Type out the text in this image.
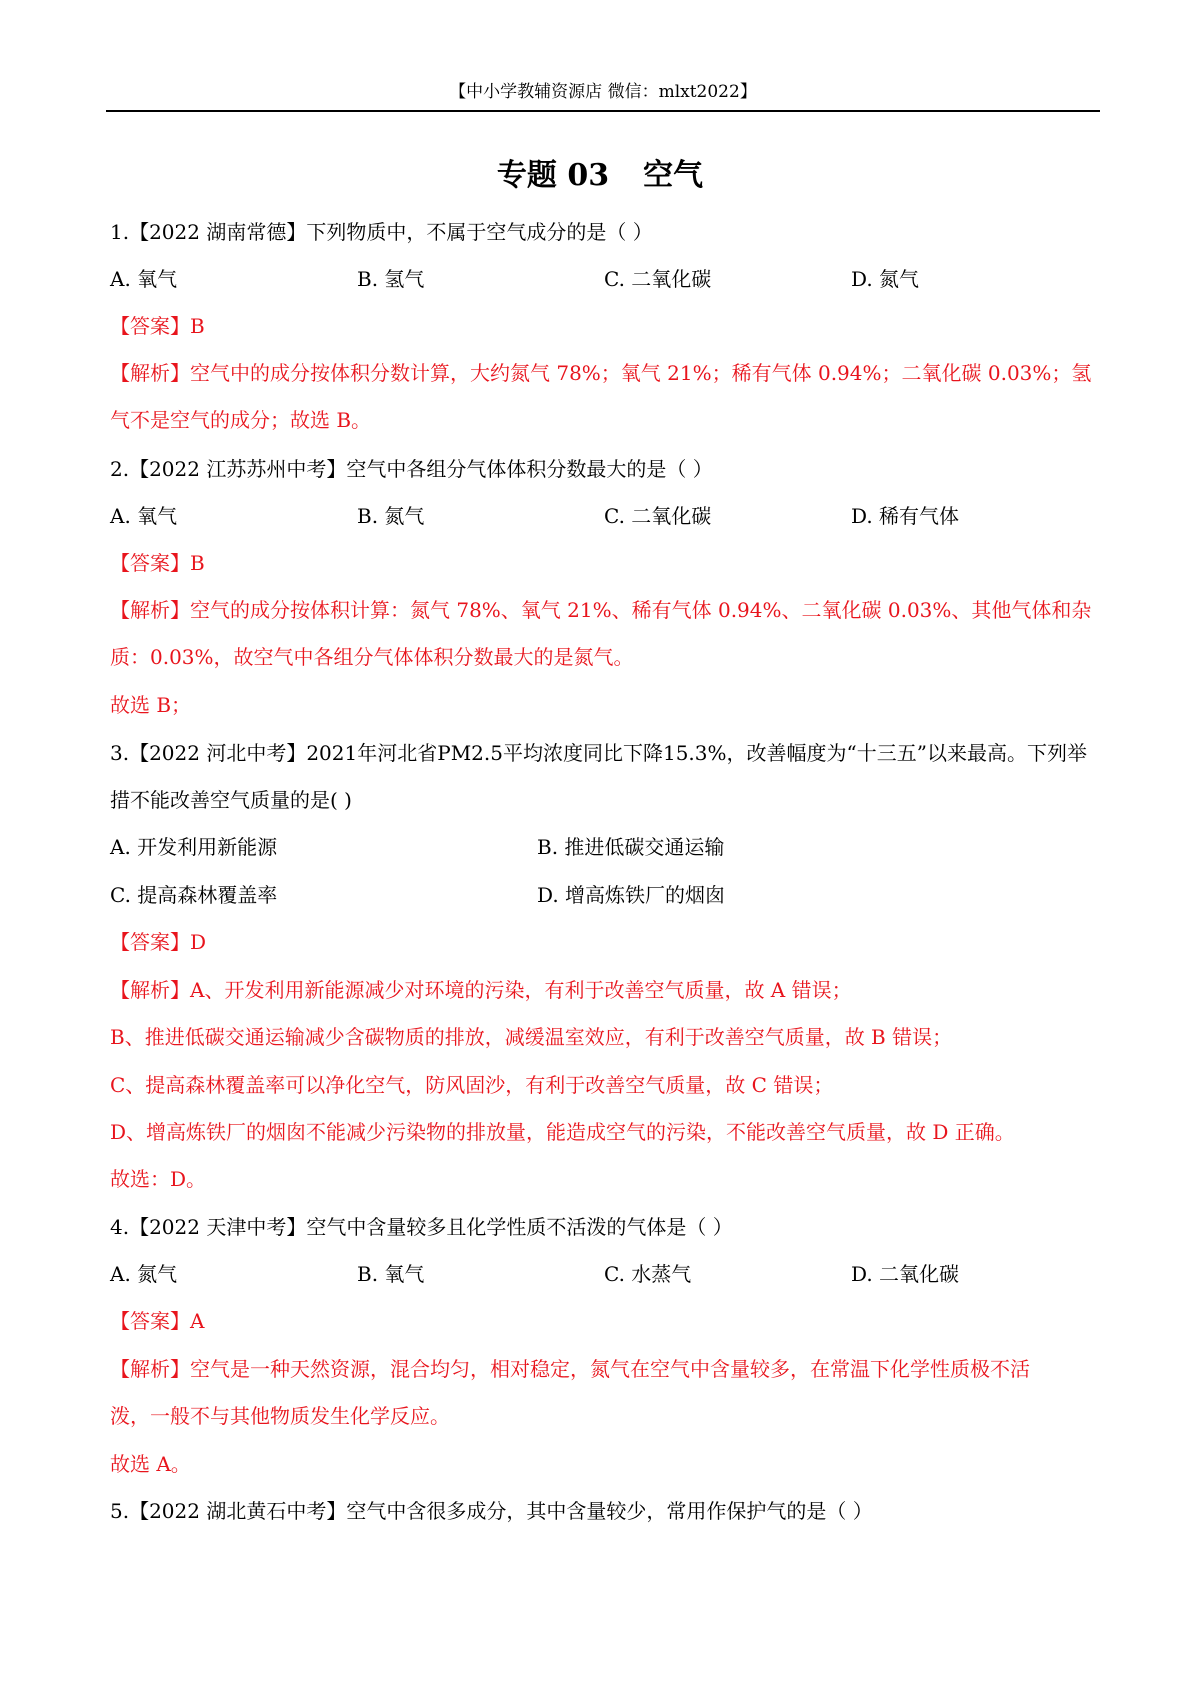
【中小学教辅资源店 微信：mlxt2022】
专题 03 空气
1.【2022 湖南常德】下列物质中，不属于空气成分的是（ ）
A. 氧气	B. 氢气	C. 二氧化碳	D. 氮气
【答案】B
【解析】空气中的成分按体积分数计算，大约氮气 78%；氧气 21%；稀有气体 0.94%；二氧化碳 0.03%；氢
气不是空气的成分；故选 B。
2.【2022 江苏苏州中考】空气中各组分气体体积分数最大的是（ ）
A. 氧气	B. 氮气	C. 二氧化碳	D. 稀有气体
【答案】B
【解析】空气的成分按体积计算：氮气 78%、氧气 21%、稀有气体 0.94%、二氧化碳 0.03%、其他气体和杂
质：0.03%，故空气中各组分气体体积分数最大的是氮气。
故选 B；
3.【2022 河北中考】2021年河北省PM2.5平均浓度同比下降15.3%，改善幅度为“十三五”以来最高。下列举
措不能改善空气质量的是( )
A. 开发利用新能源	B. 推进低碳交通运输
C. 提高森林覆盖率	D. 增高炼铁厂的烟囱
【答案】D
【解析】A、开发利用新能源减少对环境的污染，有利于改善空气质量，故 A 错误；
B、推进低碳交通运输减少含碳物质的排放，减缓温室效应，有利于改善空气质量，故 B 错误；
C、提高森林覆盖率可以净化空气，防风固沙，有利于改善空气质量，故 C 错误；
D、增高炼铁厂的烟囱不能减少污染物的排放量，能造成空气的污染，不能改善空气质量，故 D 正确。
故选：D。
4.【2022 天津中考】空气中含量较多且化学性质不活泼的气体是（ ）
A. 氮气	B. 氧气	C. 水蒸气	D. 二氧化碳
【答案】A
【解析】空气是一种天然资源，混合均匀，相对稳定，氮气在空气中含量较多，在常温下化学性质极不活
泼，一般不与其他物质发生化学反应。
故选 A。
5.【2022 湖北黄石中考】空气中含很多成分，其中含量较少，常用作保护气的是（ ）
